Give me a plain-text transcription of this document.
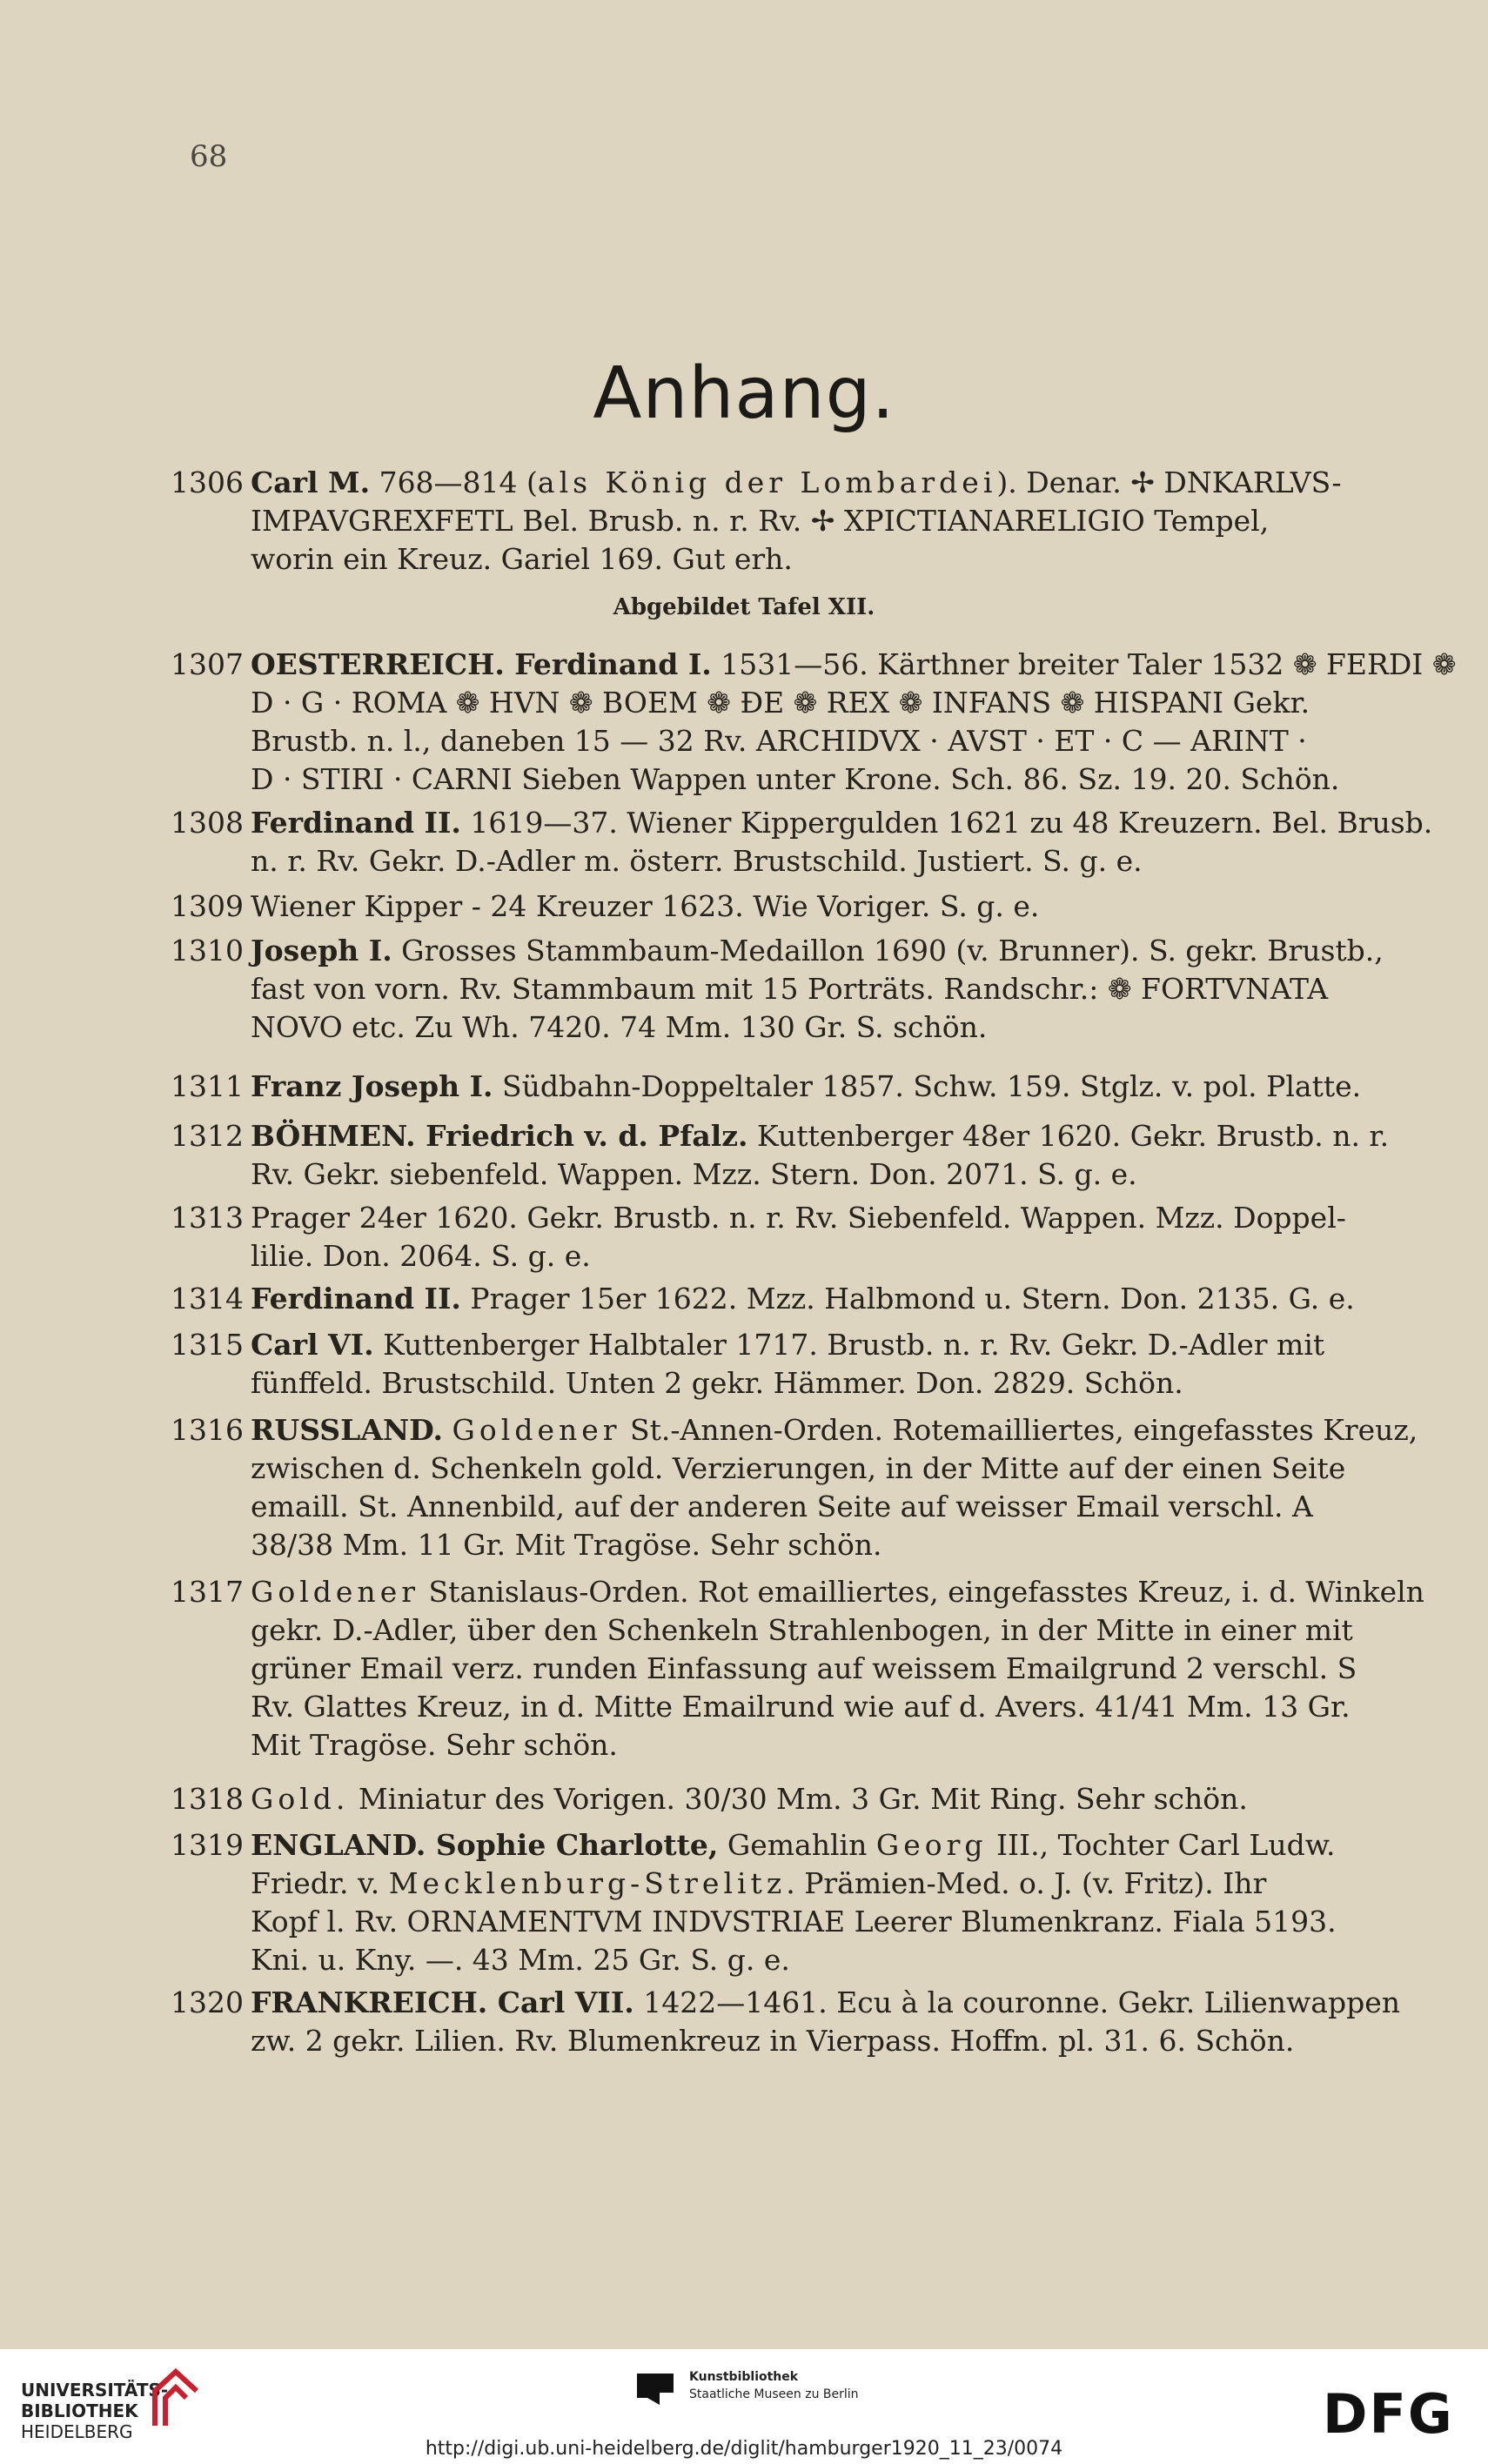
68
Anhang.
1306 Carl M. 768—814 (als König der Lombardei). Denar. ✢ DNKARLVS-
IMPAVGREXFETL Bel. Brusb. n. r. Rv. ✢ XPICTIANARELIGIO Tempel,
worin ein Kreuz. Gariel 169. Gut erh.
Abgebildet Tafel XII.
1307 OESTERREICH. Ferdinand I. 1531—56. Kärthner breiter Taler 1532 ❁ FERDI ❁
D · G · ROMA ❁ HVN ❁ BOEM ❁ ÐE ❁ REX ❁ INFANS ❁ HISPANI Gekr.
Brustb. n. l., daneben 15 — 32 Rv. ARCHIDVX · AVST · ET · C — ARINT ·
D · STIRI · CARNI Sieben Wappen unter Krone. Sch. 86. Sz. 19. 20. Schön.
1308 Ferdinand II. 1619—37. Wiener Kippergulden 1621 zu 48 Kreuzern. Bel. Brusb.
n. r. Rv. Gekr. D.-Adler m. österr. Brustschild. Justiert. S. g. e.
1309 Wiener Kipper - 24 Kreuzer 1623. Wie Voriger. S. g. e.
1310 Joseph I. Grosses Stammbaum-Medaillon 1690 (v. Brunner). S. gekr. Brustb.,
fast von vorn. Rv. Stammbaum mit 15 Porträts. Randschr.: ❁ FORTVNATA
NOVO etc. Zu Wh. 7420. 74 Mm. 130 Gr. S. schön.
1311 Franz Joseph I. Südbahn-Doppeltaler 1857. Schw. 159. Stglz. v. pol. Platte.
1312 BÖHMEN. Friedrich v. d. Pfalz. Kuttenberger 48er 1620. Gekr. Brustb. n. r.
Rv. Gekr. siebenfeld. Wappen. Mzz. Stern. Don. 2071. S. g. e.
1313 Prager 24er 1620. Gekr. Brustb. n. r. Rv. Siebenfeld. Wappen. Mzz. Doppel-
lilie. Don. 2064. S. g. e.
1314 Ferdinand II. Prager 15er 1622. Mzz. Halbmond u. Stern. Don. 2135. G. e.
1315 Carl VI. Kuttenberger Halbtaler 1717. Brustb. n. r. Rv. Gekr. D.-Adler mit
fünffeld. Brustschild. Unten 2 gekr. Hämmer. Don. 2829. Schön.
1316 RUSSLAND. Goldener St.-Annen-Orden. Rotemailliertes, eingefasstes Kreuz,
zwischen d. Schenkeln gold. Verzierungen, in der Mitte auf der einen Seite
emaill. St. Annenbild, auf der anderen Seite auf weisser Email verschl. A
38/38 Mm. 11 Gr. Mit Tragöse. Sehr schön.
1317 Goldener Stanislaus-Orden. Rot emailliertes, eingefasstes Kreuz, i. d. Winkeln
gekr. D.-Adler, über den Schenkeln Strahlenbogen, in der Mitte in einer mit
grüner Email verz. runden Einfassung auf weissem Emailgrund 2 verschl. S
Rv. Glattes Kreuz, in d. Mitte Emailrund wie auf d. Avers. 41/41 Mm. 13 Gr.
Mit Tragöse. Sehr schön.
1318 Gold. Miniatur des Vorigen. 30/30 Mm. 3 Gr. Mit Ring. Sehr schön.
1319 ENGLAND. Sophie Charlotte, Gemahlin Georg III., Tochter Carl Ludw.
Friedr. v. Mecklenburg-Strelitz. Prämien-Med. o. J. (v. Fritz). Ihr
Kopf l. Rv. ORNAMENTVM INDVSTRIAE Leerer Blumenkranz. Fiala 5193.
Kni. u. Kny. —. 43 Mm. 25 Gr. S. g. e.
1320 FRANKREICH. Carl VII. 1422—1461. Ecu à la couronne. Gekr. Lilienwappen
zw. 2 gekr. Lilien. Rv. Blumenkreuz in Vierpass. Hoffm. pl. 31. 6. Schön.
UNIVERSITÄTS-
BIBLIOTHEK
HEIDELBERG
Kunstbibliothek
Staatliche Museen zu Berlin	DFG
http://digi.ub.uni-heidelberg.de/diglit/hamburger1920_11_23/0074
